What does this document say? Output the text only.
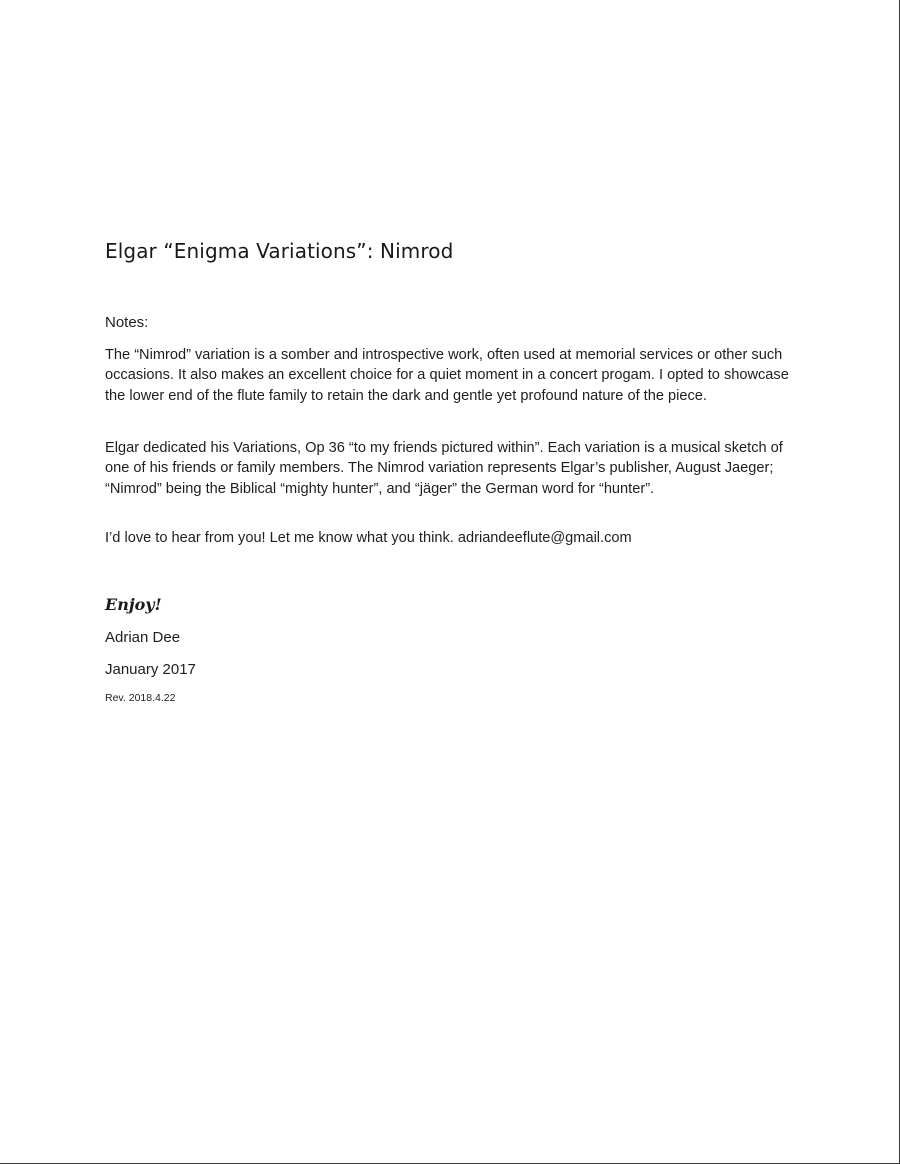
Elgar “Enigma Variations”: Nimrod
Notes:

The “Nimrod” variation is a somber and introspective work, often used at memorial services or other such occasions. It also makes an excellent choice for a quiet moment in a concert progam. I opted to showcase the lower end of the flute family to retain the dark and gentle yet profound nature of the piece.

Elgar dedicated his Variations, Op 36 “to my friends pictured within”. Each variation is a musical sketch of one of his friends or family members. The Nimrod variation represents Elgar’s publisher, August Jaeger; “Nimrod” being the Biblical “mighty hunter”, and “jäger” the German word for “hunter”.

I’d love to hear from you! Let me know what you think. adriandeeflute@gmail.com
Enjoy!
Adrian Dee
January 2017
Rev. 2018.4.22
